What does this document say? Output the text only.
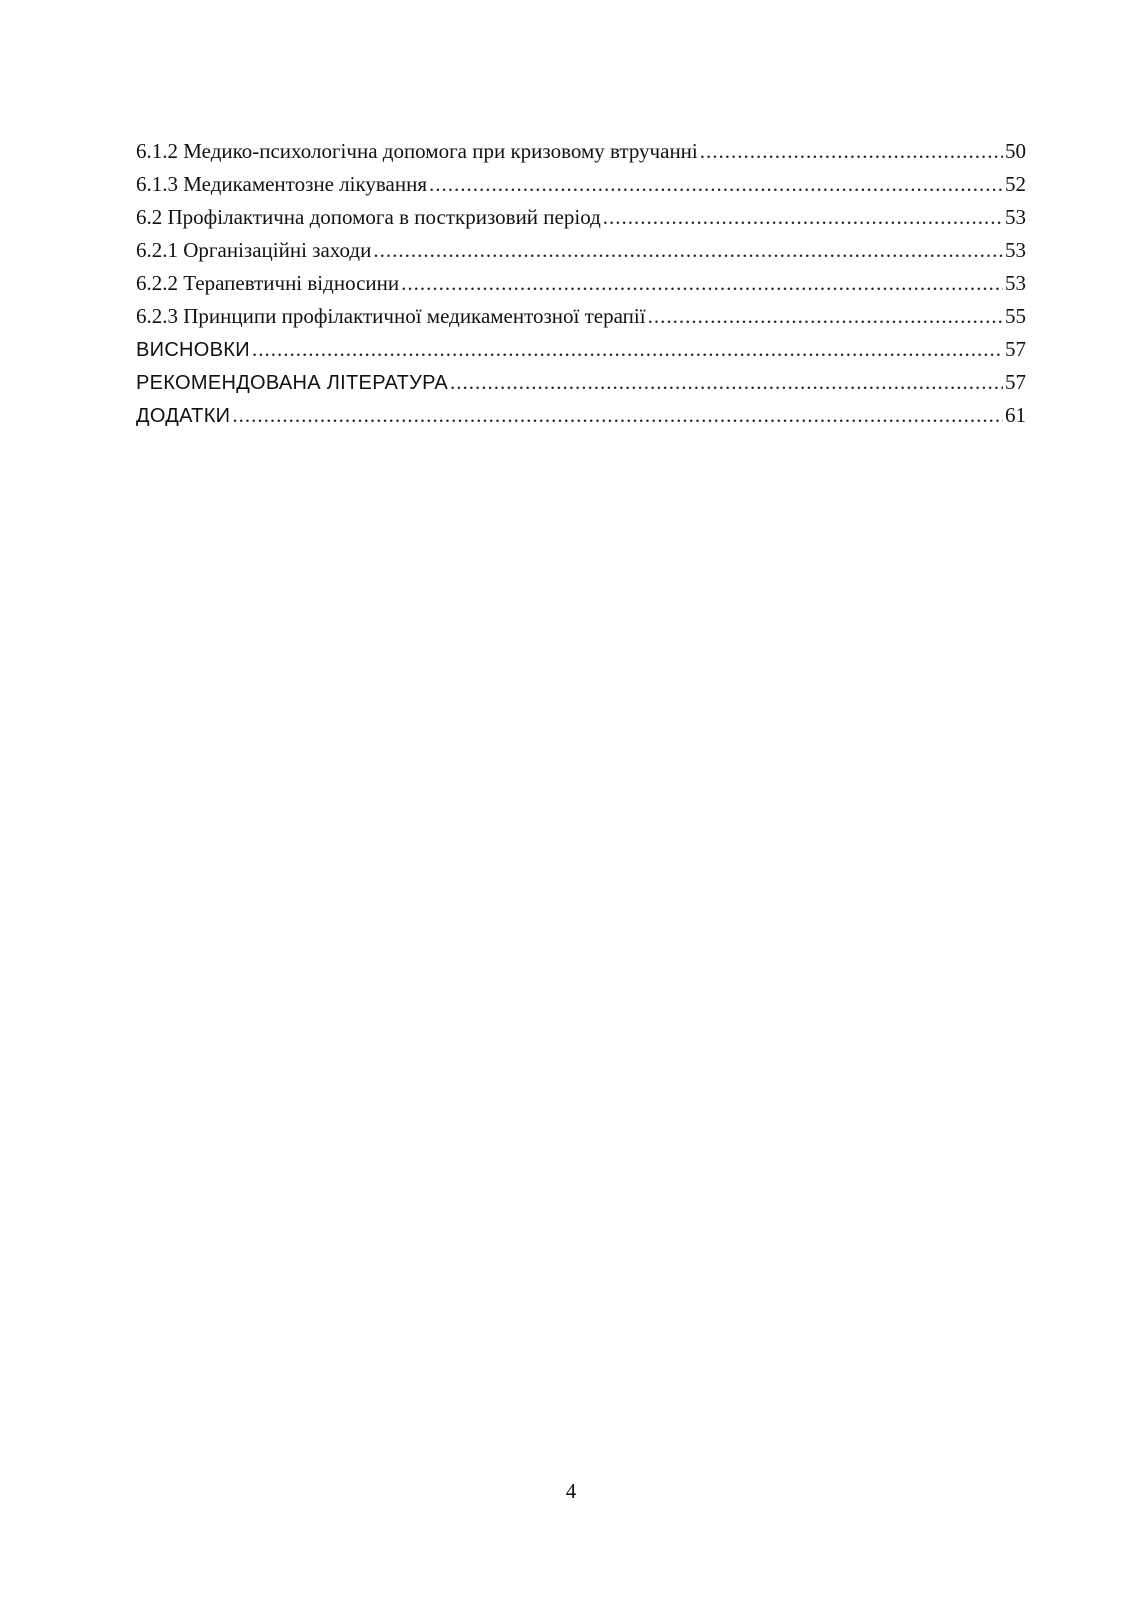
6.1.2 Медико-психологічна допомога при кризовому втручанні .....	50
6.1.3 Медикаментозне лікування .....	52
6.2 Профілактична допомога в посткризовий період .....	53
6.2.1 Організаційні заходи .....	53
6.2.2 Терапевтичні відносини .....	53
6.2.3 Принципи профілактичної медикаментозної терапії .....	55
ВИСНОВКИ .....	57
РЕКОМЕНДОВАНА ЛІТЕРАТУРА .....	57
ДОДАТКИ .....	61
4
